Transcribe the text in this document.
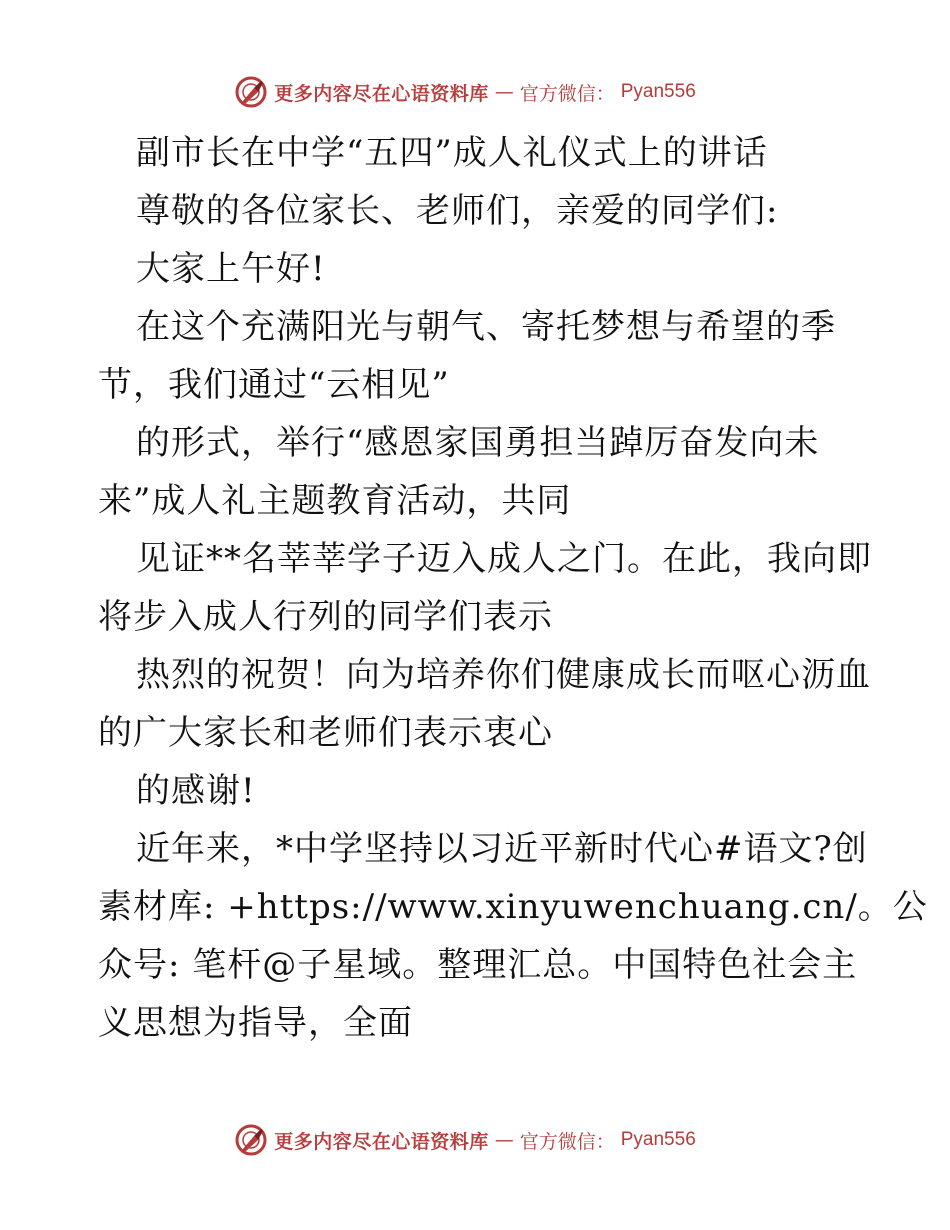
更多内容尽在心语资料库 — 官方微信： Pyan556
副市长在中学“五四”成人礼仪式上的讲话
尊敬的各位家长、老师们，亲爱的同学们:
大家上午好!
在这个充满阳光与朝气、寄托梦想与希望的季
节，我们通过“云相见”
的形式，举行“感恩家国勇担当踔厉奋发向未
来”成人礼主题教育活动，共同
见证**名莘莘学子迈入成人之门。在此，我向即
将步入成人行列的同学们表示
热烈的祝贺！向为培养你们健康成长而呕心沥血
的广大家长和老师们表示衷心
的感谢!
近年来，*中学坚持以习近平新时代心#语文?创
素材库: +https://www.xinyuwenchuang.cn/。公
众号: 笔杆@子星域。整理汇总。中国特色社会主
义思想为指导，全面
更多内容尽在心语资料库 — 官方微信： Pyan556
